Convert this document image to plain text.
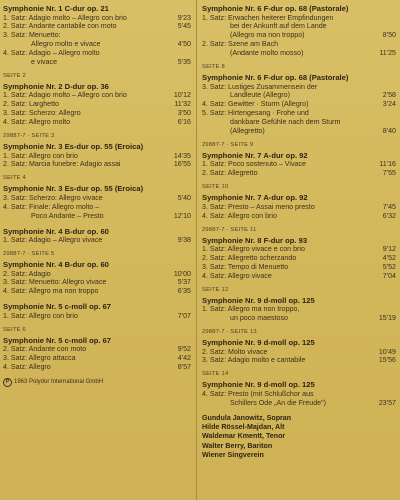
Symphonie Nr. 1 C-dur op. 21
1. Satz: Adagio molto – Allegro con brio	9'23
2. Satz: Andante cantabile con moto	5'45
3. Satz: Menuetto:
Allegro molto e vivace	4'50
4. Satz: Adagio – Allegro molto
e vivace	5'35
SEITE 2
Symphonie Nr. 2 D-dur op. 36
1. Satz: Adagio molto – Allegro con brio	10'12
2. Satz: Larghetto	11'32
3. Satz: Scherzo: Allegro	3'50
4. Satz: Allegro molto	6'16
29887-7 · SEITE 3
Symphonie Nr. 3 Es-dur op. 55 (Eroica)
1. Satz: Allegro con brio	14'35
2. Satz: Marcia funebre: Adagio assai	16'55
SEITE 4
Symphonie Nr. 3 Es-dur op. 55 (Eroica)
3. Satz: Scherzo: Allegro vivace	5'40
4. Satz: Finale: Allegro molto –
Poco Andante – Presto	12'10
Symphonie Nr. 4 B-dur op. 60
1. Satz: Adagio – Allegro vivace	9'38
29887-7 · SEITE 5
Symphonie Nr. 4 B-dur op. 60
2. Satz: Adagio	10'00
3. Satz: Menuetto: Allegro vivace	5'37
4. Satz: Allegro ma non troppo	6'35
Symphonie Nr. 5 c-moll op. 67
1. Satz: Allegro con brio	7'07
SEITE 6
Symphonie Nr. 5 c-moll op. 67
2. Satz: Andante con moto	9'52
3. Satz: Allegro attacca	4'42
4. Satz: Allegro	8'57
P 1963 Polydor International GmbH
Symphonie Nr. 6 F-dur op. 68 (Pastorale)
1. Satz: Erwachen heiterer Empfindungen
bei der Ankunft auf dem Lande
(Allegro ma non troppo)	8'50
2. Satz: Szene am Bach
(Andante molto mosso)	11'25
SEITE 8
Symphonie Nr. 6 F-dur op. 68 (Pastorale)
3. Satz: Lustiges Zusammensein der
Landleute (Allegro)	2'58
4. Satz: Gewitter · Sturm (Allegro)	3'24
5. Satz: Hirtengesang · Frohe und
dankbare Gefühle nach dem Sturm
(Allegretto)	8'40
29887-7 · SEITE 9
Symphonie Nr. 7 A-dur op. 92
1. Satz: Poco sostenuto – Vivace	11'16
2. Satz: Allegretto	7'55
SEITE 10
Symphonie Nr. 7 A-dur op. 92
3. Satz: Presto – Assai meno presto	7'45
4. Satz: Allegro con brio	6'32
29887-7 · SEITE 11
Symphonie Nr. 8 F-dur op. 93
1. Satz: Allegro vivace e con brio	9'12
2. Satz: Allegretto scherzando	4'52
3. Satz: Tempo di Menuetto	5'52
4. Satz: Allegro vivace	7'04
SEITE 12
Symphonie Nr. 9 d-moll op. 125
1. Satz: Allegro ma non troppo,
un poco maestoso	15'19
29887-7 · SEITE 13
Symphonie Nr. 9 d-moll op. 125
2. Satz: Molto vivace	10'49
3. Satz: Adagio molto e cantabile	15'56
SEITE 14
Symphonie Nr. 9 d-moll op. 125
4. Satz: Presto (mit Schlußchor aus
Schillers Ode „An die Freude")	23'57
Gundula Janowitz, Sopran
Hilde Rössel-Majdan, Alt
Waldemar Kmentt, Tenor
Walter Berry, Bariton
Wiener Singverein
